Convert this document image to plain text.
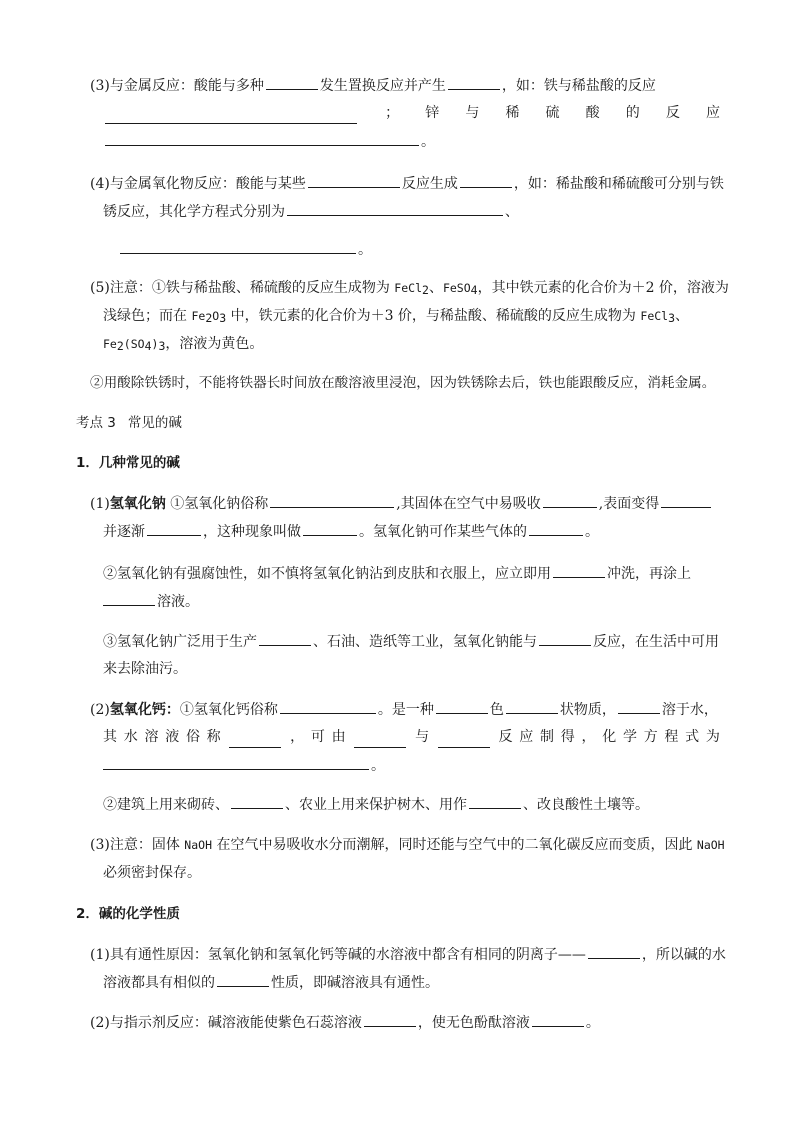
(3)与金属反应：酸能与多种	发生置换反应并产生	，如：铁与稀盐酸的反应
； 锌 与 稀 硫 酸 的 反 应
。
(4)与金属氧化物反应：酸能与某些	反应生成	，如：稀盐酸和稀硫酸可分别与铁
锈反应，其化学方程式分别为	、
。
(5)注意：①铁与稀盐酸、稀硫酸的反应生成物为 FeCl$_2$、FeSO$_4$，其中铁元素的化合价为＋2 价，溶液为
浅绿色；而在 $Fe_2O_3$ 中，铁元素的化合价为＋3 价，与稀盐酸、稀硫酸的反应生成物为 FeCl$_3$、
$Fe_2(SO_4)_3$，溶液为黄色。
②用酸除铁锈时，不能将铁器长时间放在酸溶液里浸泡，因为铁锈除去后，铁也能跟酸反应，消耗金属。
考点 3 常见的碱
1．几种常见的碱
(1)氢氧化钠 ①氢氧化钠俗称	,其固体在空气中易吸收	,表面变得
并逐渐	，这种现象叫做	。氢氧化钠可作某些气体的	。
②氢氧化钠有强腐蚀性，如不慎将氢氧化钠沾到皮肤和衣服上，应立即用	冲洗，再涂上
溶液。
③氢氧化钠广泛用于生产	、石油、造纸等工业，氢氧化钠能与	反应，在生活中可用
来去除油污。
(2)氢氧化钙：①氢氧化钙俗称	。是一种	色	状物质，	溶于水，
其 水 溶 液 俗 称	， 可 由	与	反 应 制 得 ， 化 学 方 程 式 为
。
②建筑上用来砌砖、	、农业上用来保护树木、用作	、改良酸性土壤等。
(3)注意：固体 NaOH 在空气中易吸收水分而潮解，同时还能与空气中的二氧化碳反应而变质，因此 NaOH
必须密封保存。
2．碱的化学性质
(1)具有通性原因：氢氧化钠和氢氧化钙等碱的水溶液中都含有相同的阴离子——	，所以碱的水
溶液都具有相似的	性质，即碱溶液具有通性。
(2)与指示剂反应：碱溶液能使紫色石蕊溶液	，使无色酚酞溶液	。
